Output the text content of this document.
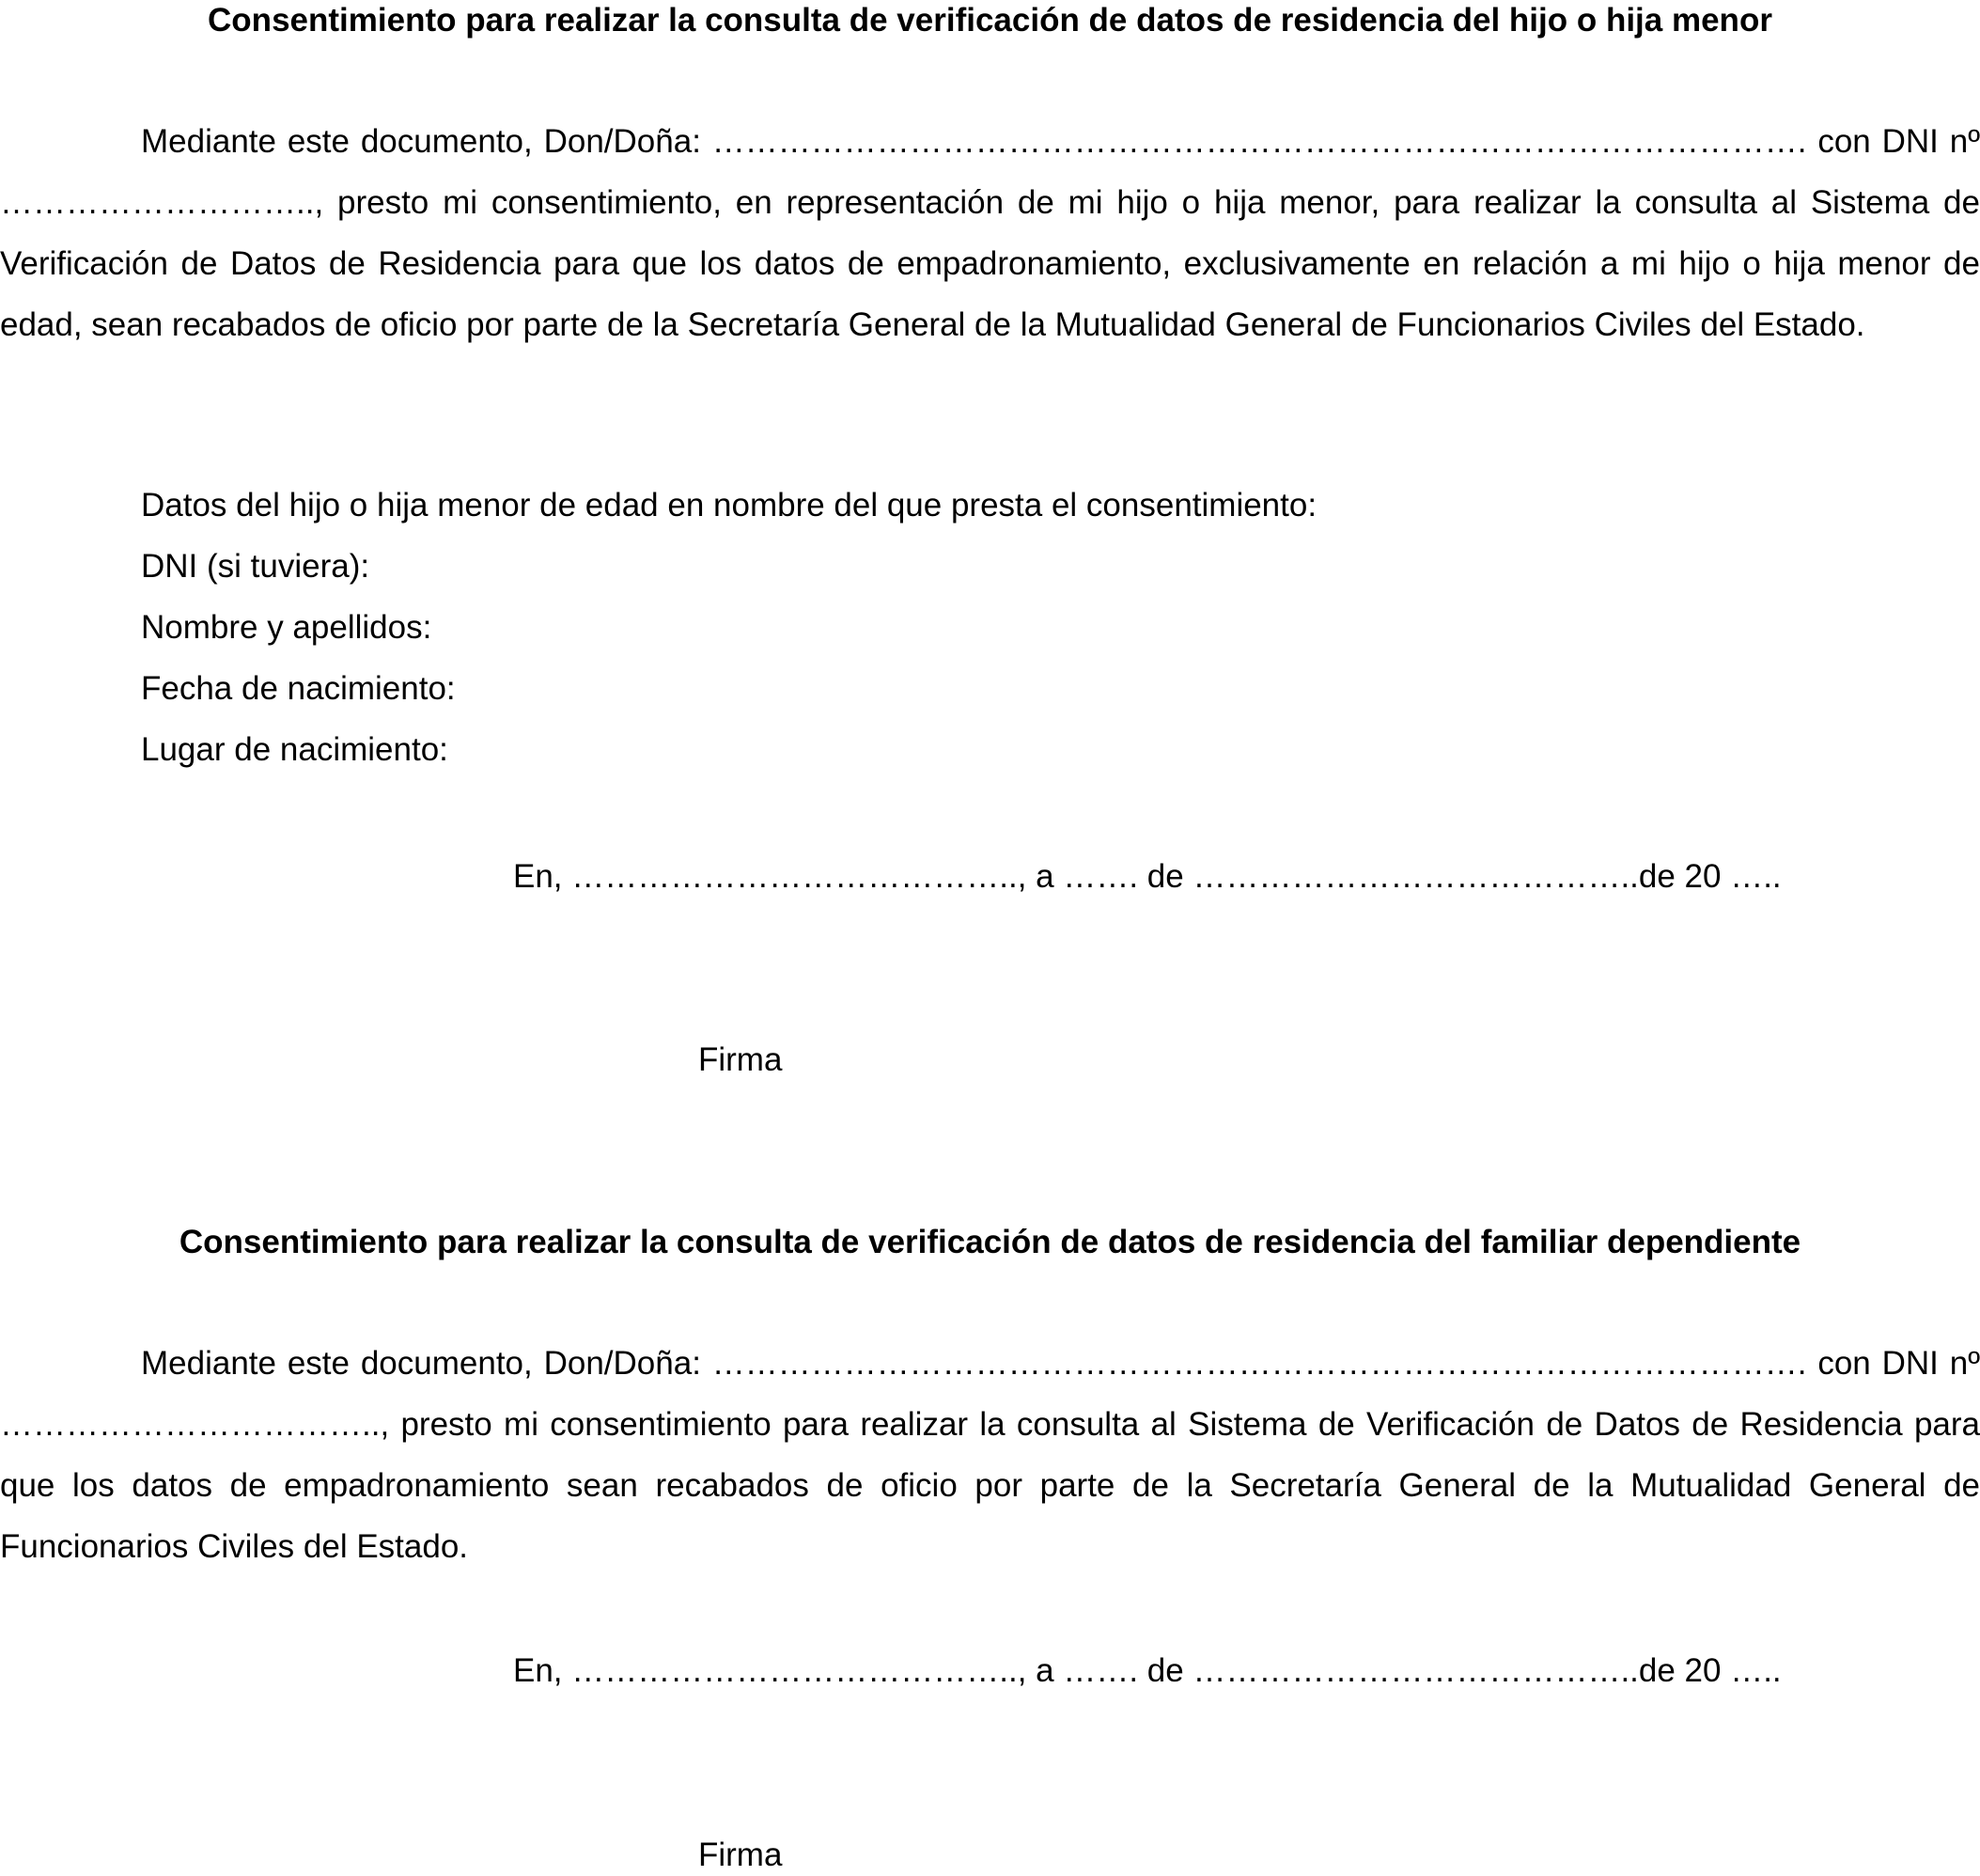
Consentimiento para realizar la consulta de verificación de datos de residencia del hijo o hija menor

Mediante este documento, Don/Doña: ………………………………………………………………………………………. con DNI nº ……………………….., presto mi consentimiento, en representación de mi hijo o hija menor, para realizar la consulta al Sistema de Verificación de Datos de Residencia para que los datos de empadronamiento, exclusivamente en relación a mi hijo o hija menor de edad, sean recabados de oficio por parte de la Secretaría General de la Mutualidad General de Funcionarios Civiles del Estado.

Datos del hijo o hija menor de edad en nombre del que presta el consentimiento:
DNI (si tuviera):
Nombre y apellidos:
Fecha de nacimiento:
Lugar de nacimiento:
En, ………………………………….., a ……. de …………………………………..de 20 …..
Firma
Consentimiento para realizar la consulta de verificación de datos de residencia del familiar dependiente

Mediante este documento, Don/Doña: ………………………………………………………………………………………. con DNI nº …………………………….., presto mi consentimiento para realizar la consulta al Sistema de Verificación de Datos de Residencia para que los datos de empadronamiento sean recabados de oficio por parte de la Secretaría General de la Mutualidad General de Funcionarios Civiles del Estado.

En, ………………………………….., a ……. de …………………………………..de 20 …..
Firma
